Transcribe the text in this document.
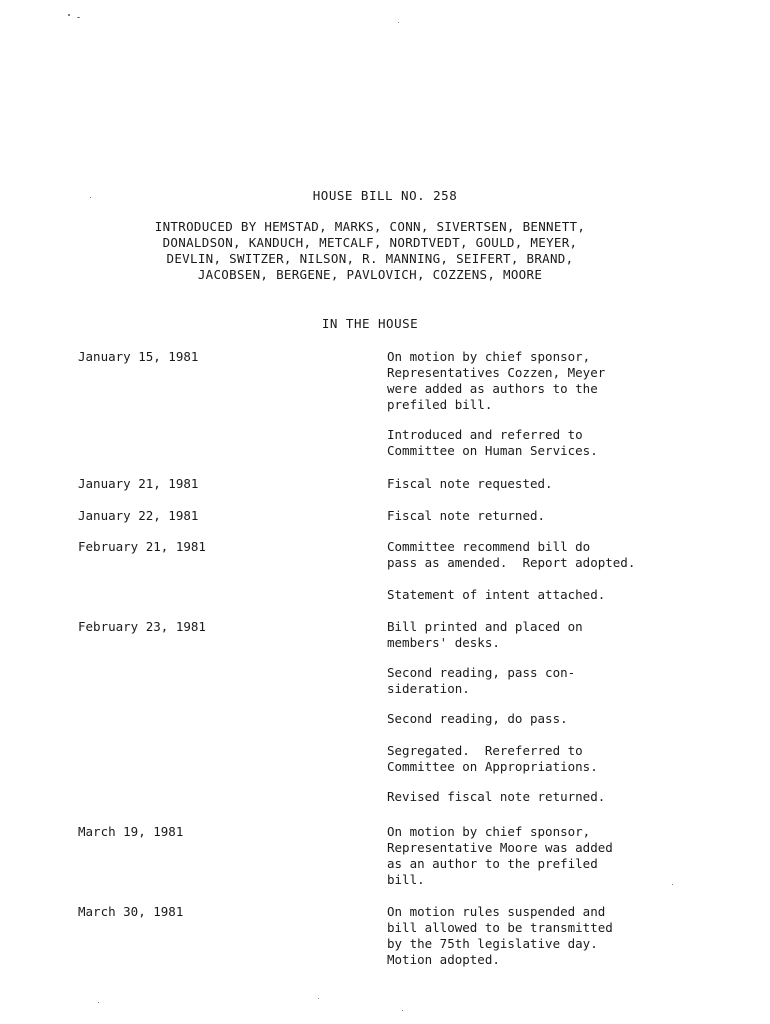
HOUSE BILL NO. 258
INTRODUCED BY HEMSTAD, MARKS, CONN, SIVERTSEN, BENNETT,
DONALDSON, KANDUCH, METCALF, NORDTVEDT, GOULD, MEYER,
DEVLIN, SWITZER, NILSON, R. MANNING, SEIFERT, BRAND,
JACOBSEN, BERGENE, PAVLOVICH, COZZENS, MOORE
IN THE HOUSE
January 15, 1981	On motion by chief sponsor,
Representatives Cozzen, Meyer
were added as authors to the
prefiled bill.
Introduced and referred to
Committee on Human Services.
January 21, 1981	Fiscal note requested.
January 22, 1981	Fiscal note returned.
February 21, 1981	Committee recommend bill do
pass as amended.  Report adopted.
Statement of intent attached.
February 23, 1981	Bill printed and placed on
members' desks.
Second reading, pass con-
sideration.
Second reading, do pass.
Segregated.  Rereferred to
Committee on Appropriations.
Revised fiscal note returned.
March 19, 1981	On motion by chief sponsor,
Representative Moore was added
as an author to the prefiled
bill.
March 30, 1981	On motion rules suspended and
bill allowed to be transmitted
by the 75th legislative day.
Motion adopted.
